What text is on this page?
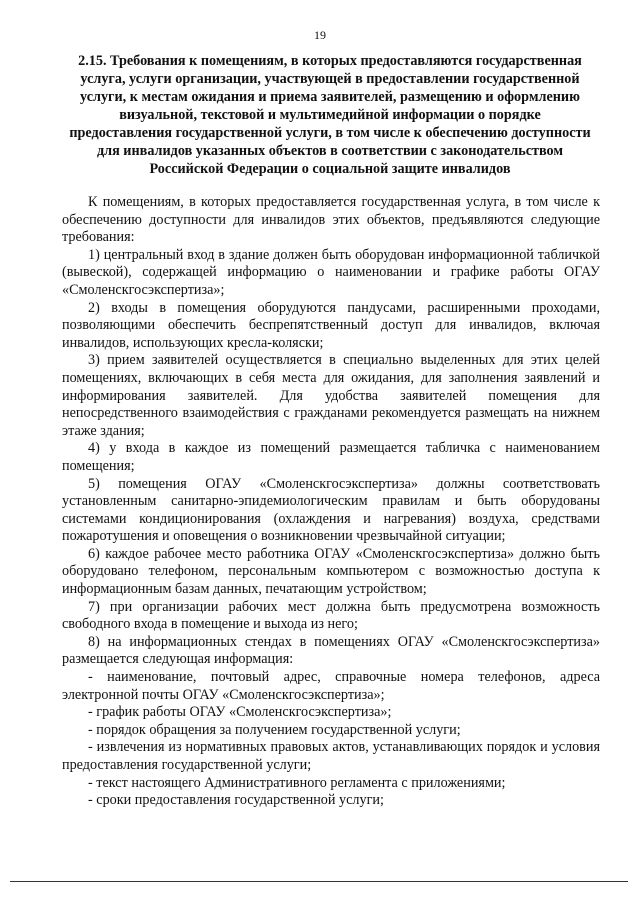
19
2.15. Требования к помещениям, в которых предоставляются государственная
услуга, услуги организации, участвующей в предоставлении государственной
услуги, к местам ожидания и приема заявителей, размещению и оформлению
визуальной, текстовой и мультимедийной информации о порядке
предоставления государственной услуги, в том числе к обеспечению доступности
для инвалидов указанных объектов в соответствии с законодательством
Российской Федерации о социальной защите инвалидов

К помещениям, в которых предоставляется государственная услуга, в том числе к обеспечению доступности для инвалидов этих объектов, предъявляются следующие требования:

1) центральный вход в здание должен быть оборудован информационной табличкой (вывеской), содержащей информацию о наименовании и графике работы ОГАУ «Смоленскгосэкспертиза»;

2) входы в помещения оборудуются пандусами, расширенными проходами, позволяющими обеспечить беспрепятственный доступ для инвалидов, включая инвалидов, использующих кресла-коляски;

3) прием заявителей осуществляется в специально выделенных для этих целей помещениях, включающих в себя места для ожидания, для заполнения заявлений и информирования заявителей. Для удобства заявителей помещения для непосредственного взаимодействия с гражданами рекомендуется размещать на нижнем этаже здания;

4) у входа в каждое из помещений размещается табличка с наименованием помещения;

5) помещения ОГАУ «Смоленскгосэкспертиза» должны соответствовать установленным санитарно-эпидемиологическим правилам и быть оборудованы системами кондиционирования (охлаждения и нагревания) воздуха, средствами пожаротушения и оповещения о возникновении чрезвычайной ситуации;

6) каждое рабочее место работника ОГАУ «Смоленскгосэкспертиза» должно быть оборудовано телефоном, персональным компьютером с возможностью доступа к информационным базам данных, печатающим устройством;

7) при организации рабочих мест должна быть предусмотрена возможность свободного входа в помещение и выхода из него;

8) на информационных стендах в помещениях ОГАУ «Смоленскгосэкспертиза» размещается следующая информация:

- наименование, почтовый адрес, справочные номера телефонов, адреса электронной почты ОГАУ «Смоленскгосэкспертиза»;

- график работы ОГАУ «Смоленскгосэкспертиза»;

- порядок обращения за получением государственной услуги;

- извлечения из нормативных правовых актов, устанавливающих порядок и условия предоставления государственной услуги;

- текст настоящего Административного регламента с приложениями;

- сроки предоставления государственной услуги;
